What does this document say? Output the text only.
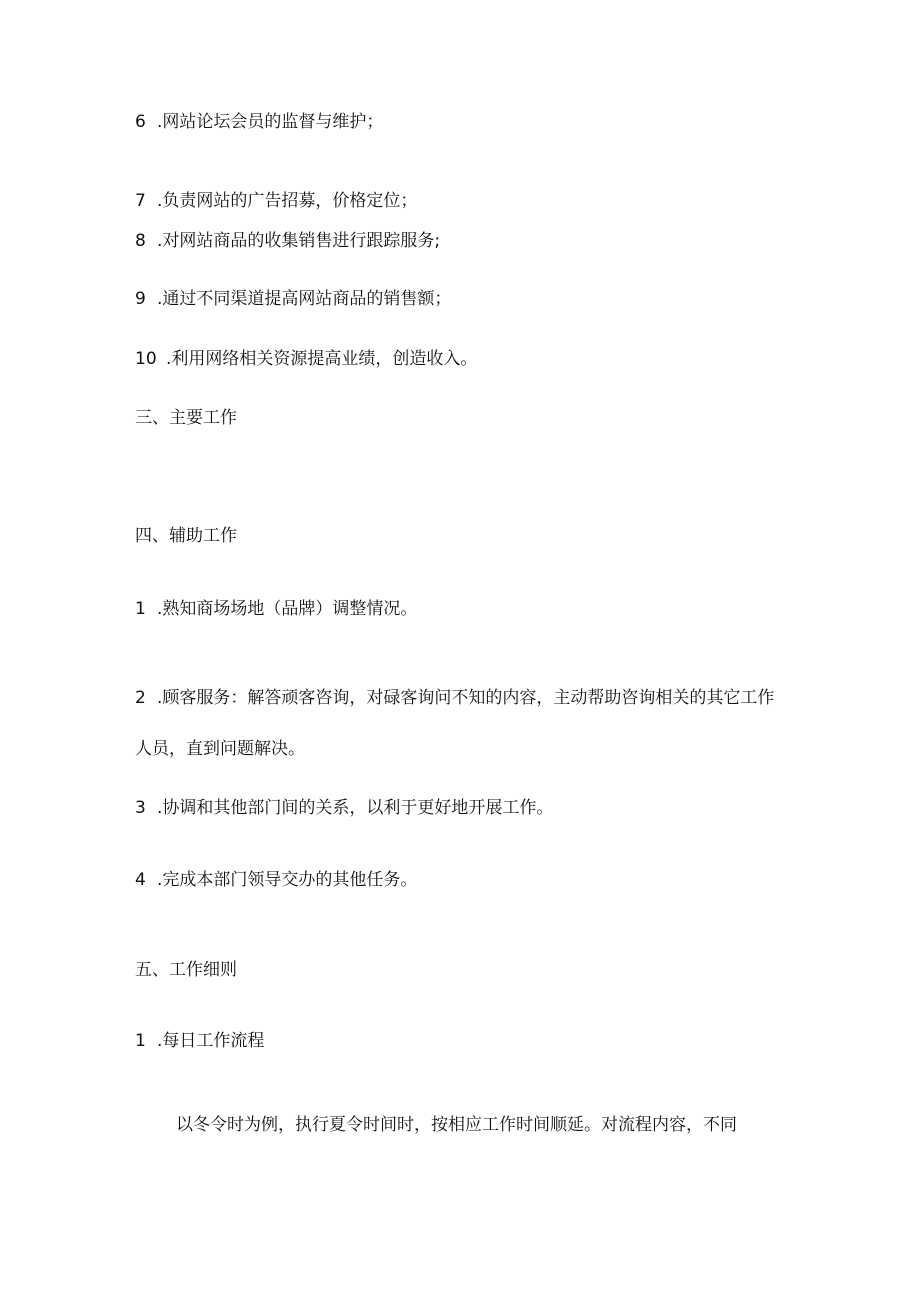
6 .网站论坛会员的监督与维护；
7 .负责网站的广告招募，价格定位；
8 .对网站商品的收集销售进行跟踪服务;
9 .通过不同渠道提高网站商品的销售额；
10 .利用网络相关资源提高业绩，创造收入。
三、主要工作
四、辅助工作
1 .熟知商场场地（品牌）调整情况。
2 .顾客服务：解答顽客咨询，对碌客询问不知的内容，主动帮助咨询相关的其它工作
人员，直到问题解决。
3 .协调和其他部门间的关系，以利于更好地开展工作。
4 .完成本部门领导交办的其他任务。
五、工作细则
1 .每日工作流程
以冬令时为例，执行夏令时间时，按相应工作时间顺延。对流程内容，不同
